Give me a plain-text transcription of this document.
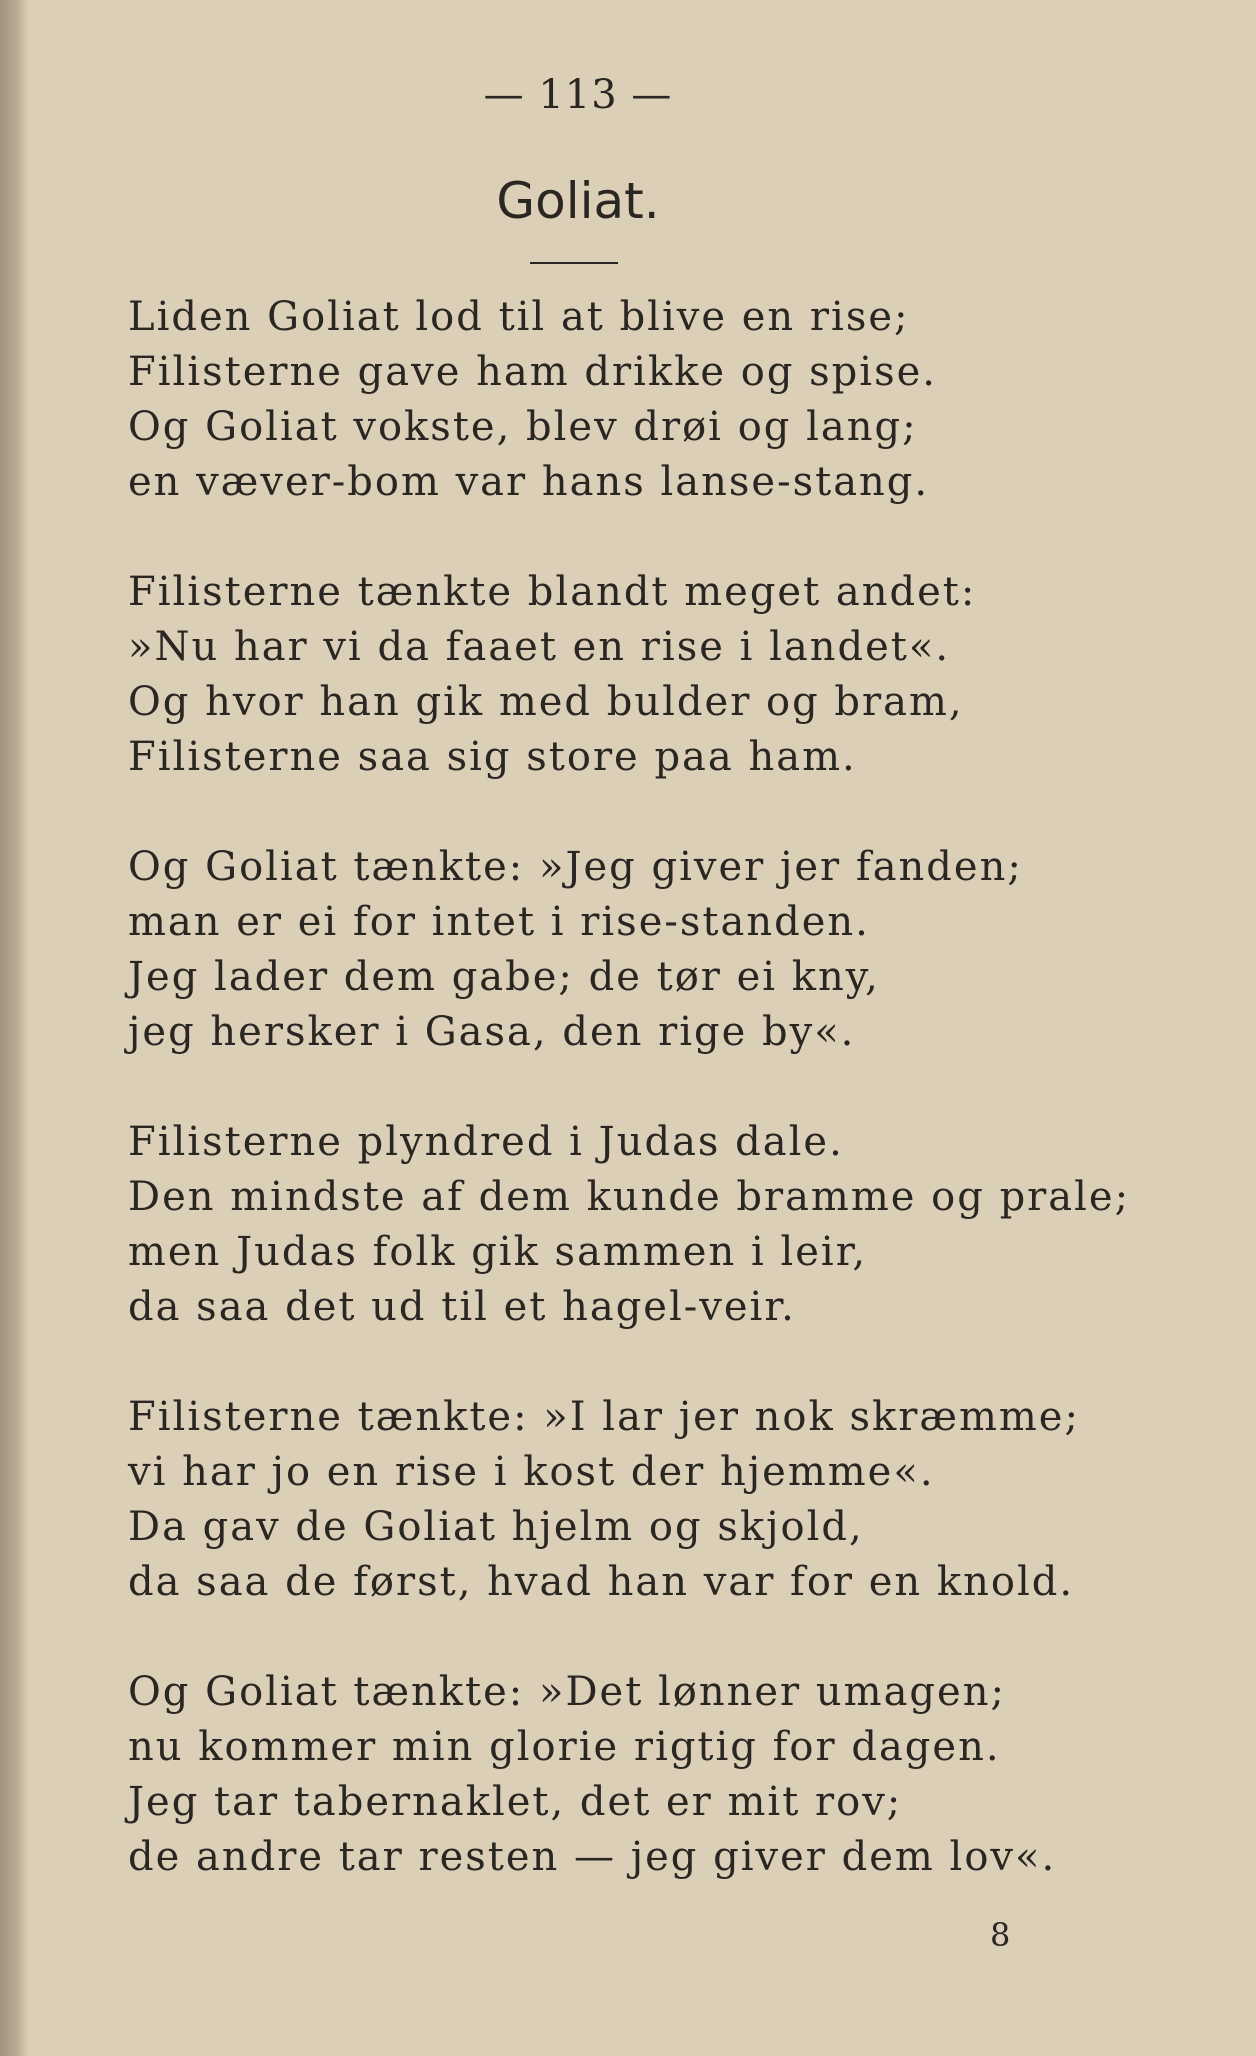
— 113 —
Goliat.
Liden Goliat lod til at blive en rise;
Filisterne gave ham drikke og spise.
Og Goliat vokste, blev drøi og lang;
en væver-bom var hans lanse-stang.
Filisterne tænkte blandt meget andet:
»Nu har vi da faaet en rise i landet«.
Og hvor han gik med bulder og bram,
Filisterne saa sig store paa ham.
Og Goliat tænkte: »Jeg giver jer fanden;
man er ei for intet i rise-standen.
Jeg lader dem gabe; de tør ei kny,
jeg hersker i Gasa, den rige by«.
Filisterne plyndred i Judas dale.
Den mindste af dem kunde bramme og prale;
men Judas folk gik sammen i leir,
da saa det ud til et hagel-veir.
Filisterne tænkte: »I lar jer nok skræmme;
vi har jo en rise i kost der hjemme«.
Da gav de Goliat hjelm og skjold,
da saa de først, hvad han var for en knold.
Og Goliat tænkte: »Det lønner umagen;
nu kommer min glorie rigtig for dagen.
Jeg tar tabernaklet, det er mit rov;
de andre tar resten — jeg giver dem lov«.
8
